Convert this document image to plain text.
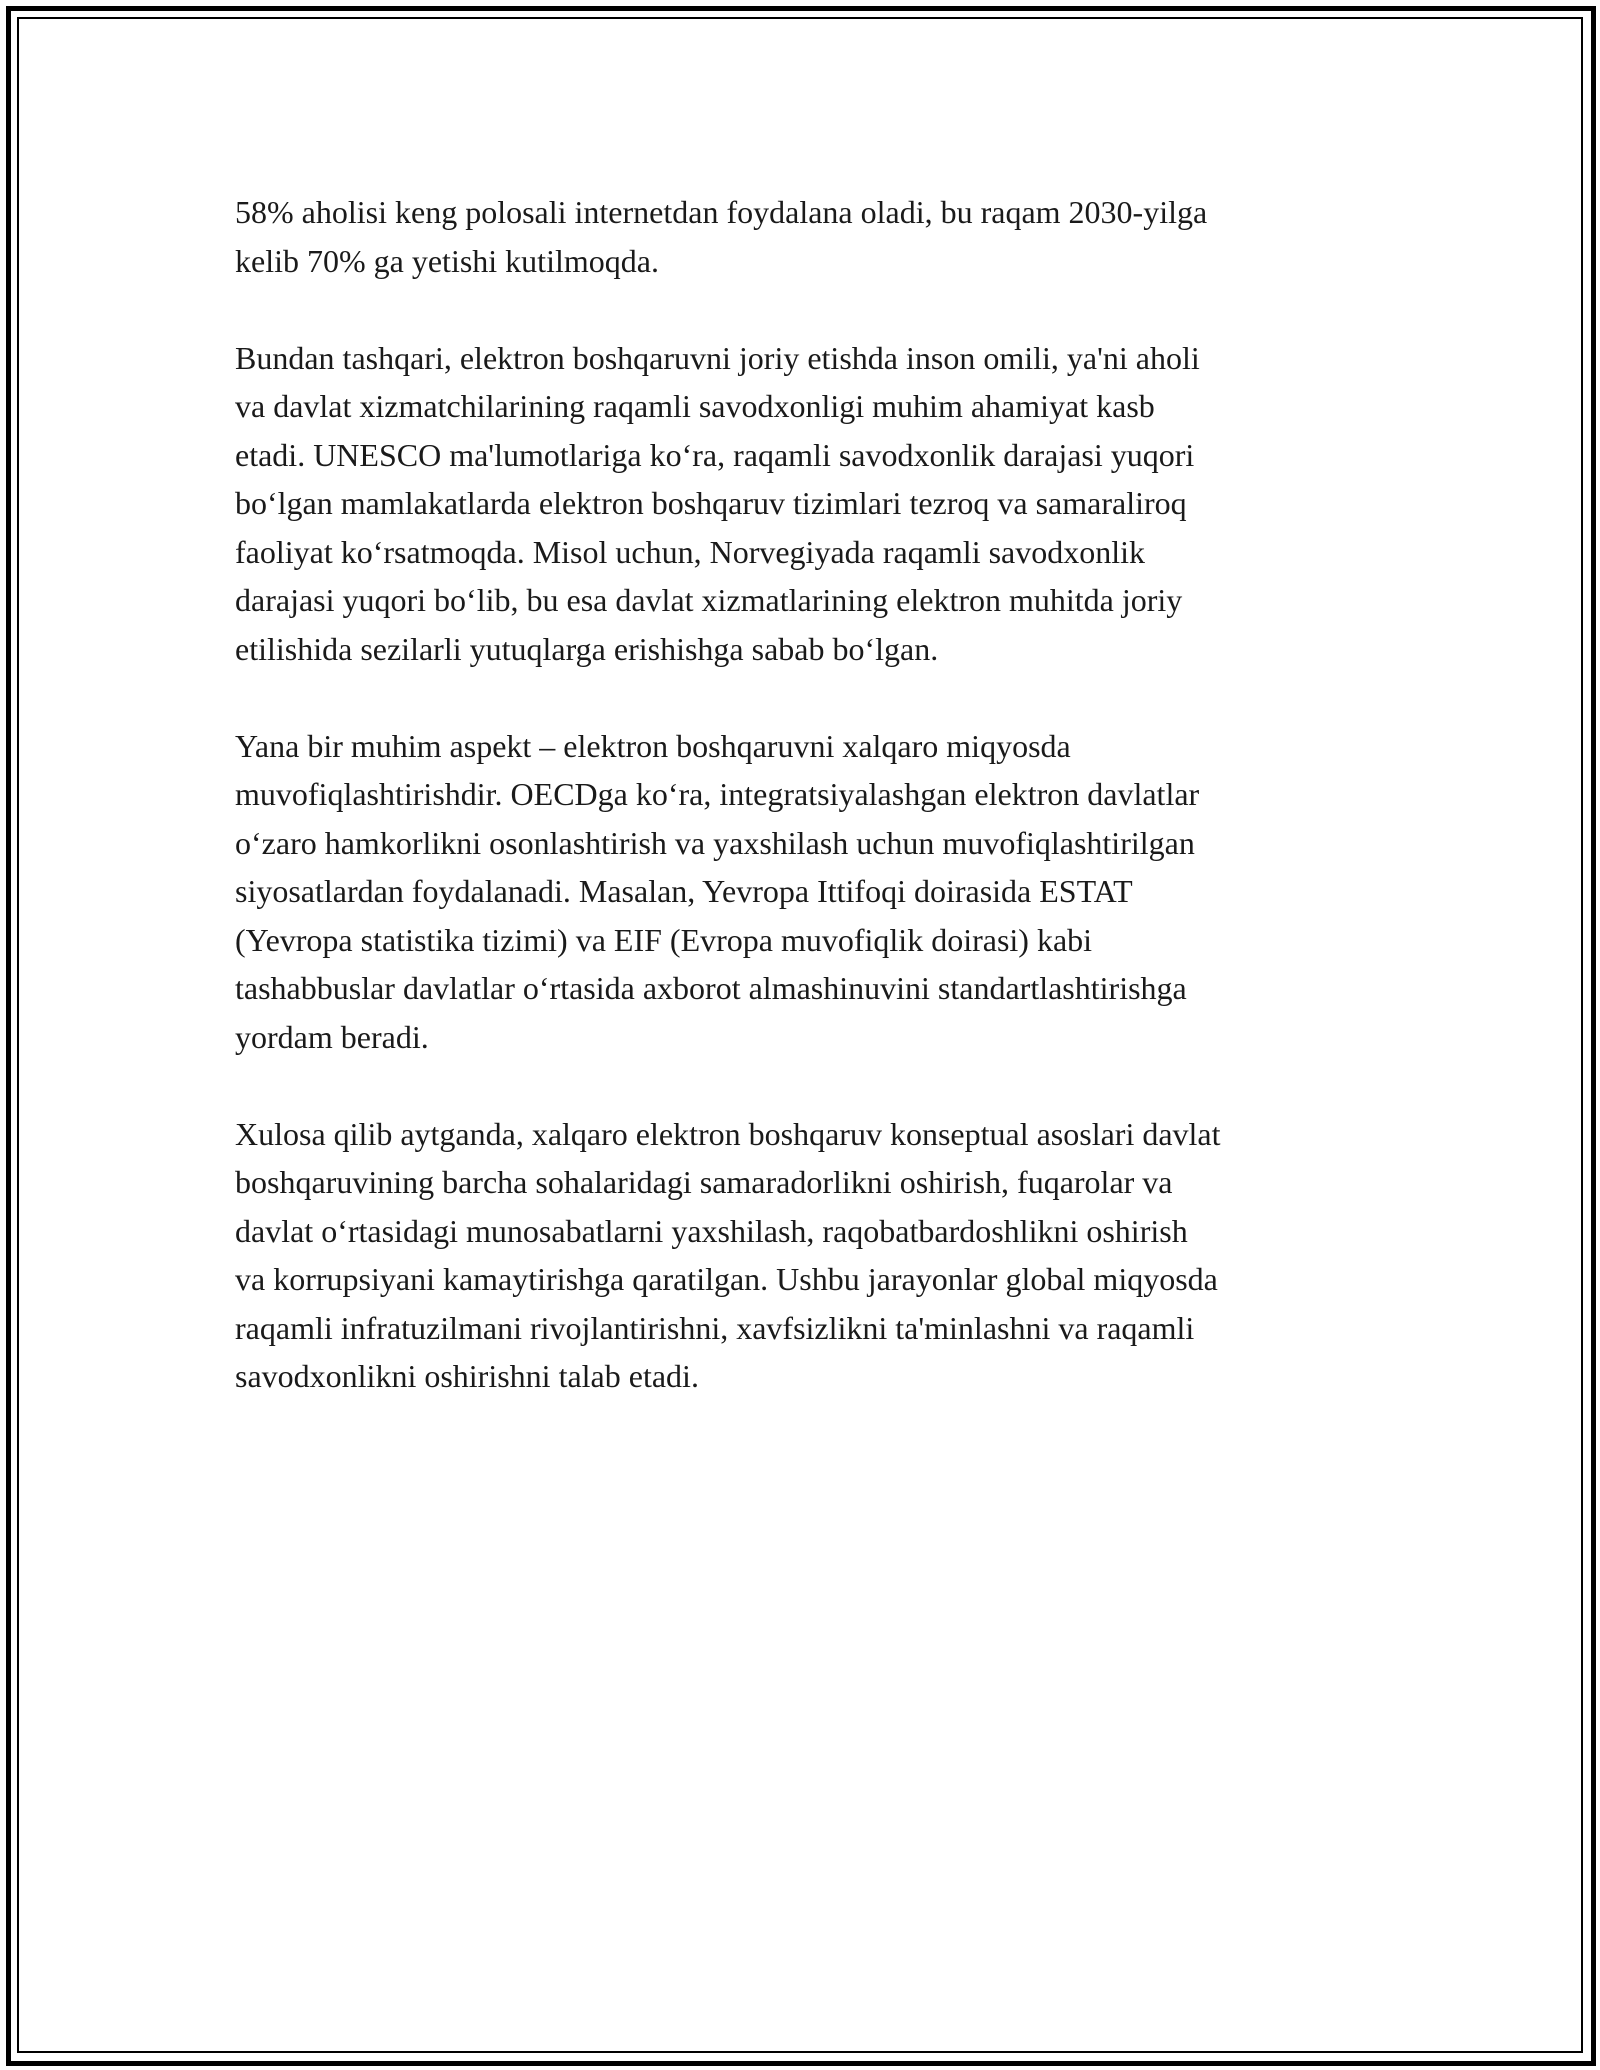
58% aholisi keng polosali internetdan foydalana oladi, bu raqam 2030-yilga
kelib 70% ga yetishi kutilmoqda.

Bundan tashqari, elektron boshqaruvni joriy etishda inson omili, ya'ni aholi
va davlat xizmatchilarining raqamli savodxonligi muhim ahamiyat kasb
etadi. UNESCO ma'lumotlariga koʻra, raqamli savodxonlik darajasi yuqori
boʻlgan mamlakatlarda elektron boshqaruv tizimlari tezroq va samaraliroq
faoliyat koʻrsatmoqda. Misol uchun, Norvegiyada raqamli savodxonlik
darajasi yuqori boʻlib, bu esa davlat xizmatlarining elektron muhitda joriy
etilishida sezilarli yutuqlarga erishishga sabab boʻlgan.

Yana bir muhim aspekt – elektron boshqaruvni xalqaro miqyosda
muvofiqlashtirishdir. OECDga koʻra, integratsiyalashgan elektron davlatlar
oʻzaro hamkorlikni osonlashtirish va yaxshilash uchun muvofiqlashtirilgan
siyosatlardan foydalanadi. Masalan, Yevropa Ittifoqi doirasida ESTAT
(Yevropa statistika tizimi) va EIF (Evropa muvofiqlik doirasi) kabi
tashabbuslar davlatlar oʻrtasida axborot almashinuvini standartlashtirishga
yordam beradi.

Xulosa qilib aytganda, xalqaro elektron boshqaruv konseptual asoslari davlat
boshqaruvining barcha sohalaridagi samaradorlikni oshirish, fuqarolar va
davlat oʻrtasidagi munosabatlarni yaxshilash, raqobatbardoshlikni oshirish
va korrupsiyani kamaytirishga qaratilgan. Ushbu jarayonlar global miqyosda
raqamli infratuzilmani rivojlantirishni, xavfsizlikni ta'minlashni va raqamli
savodxonlikni oshirishni talab etadi.
